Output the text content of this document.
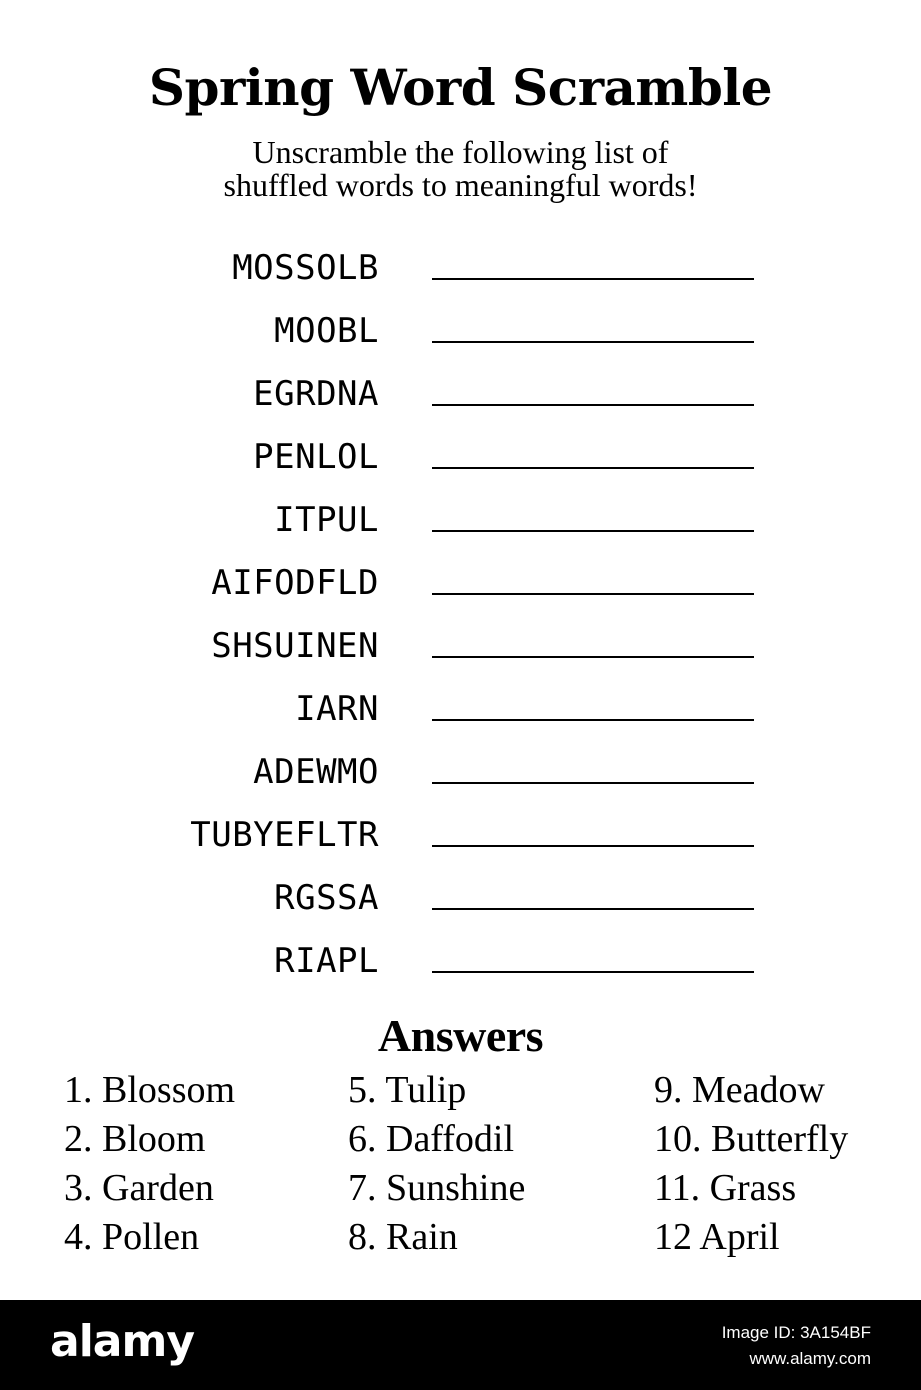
Spring Word Scramble
Unscramble the following list of
shuffled words to meaningful words!
MOSSOLB
MOOBL
EGRDNA
PENLOL
ITPUL
AIFODFLD
SHSUINEN
IARN
ADEWMO
TUBYEFLTR
RGSSA
RIAPL
Answers
1. Blossom
2. Bloom
3. Garden
4. Pollen
5. Tulip
6. Daffodil
7. Sunshine
8. Rain
9. Meadow
10. Butterfly
11. Grass
12 April
alamy	Image ID: 3A154BF
www.alamy.com
